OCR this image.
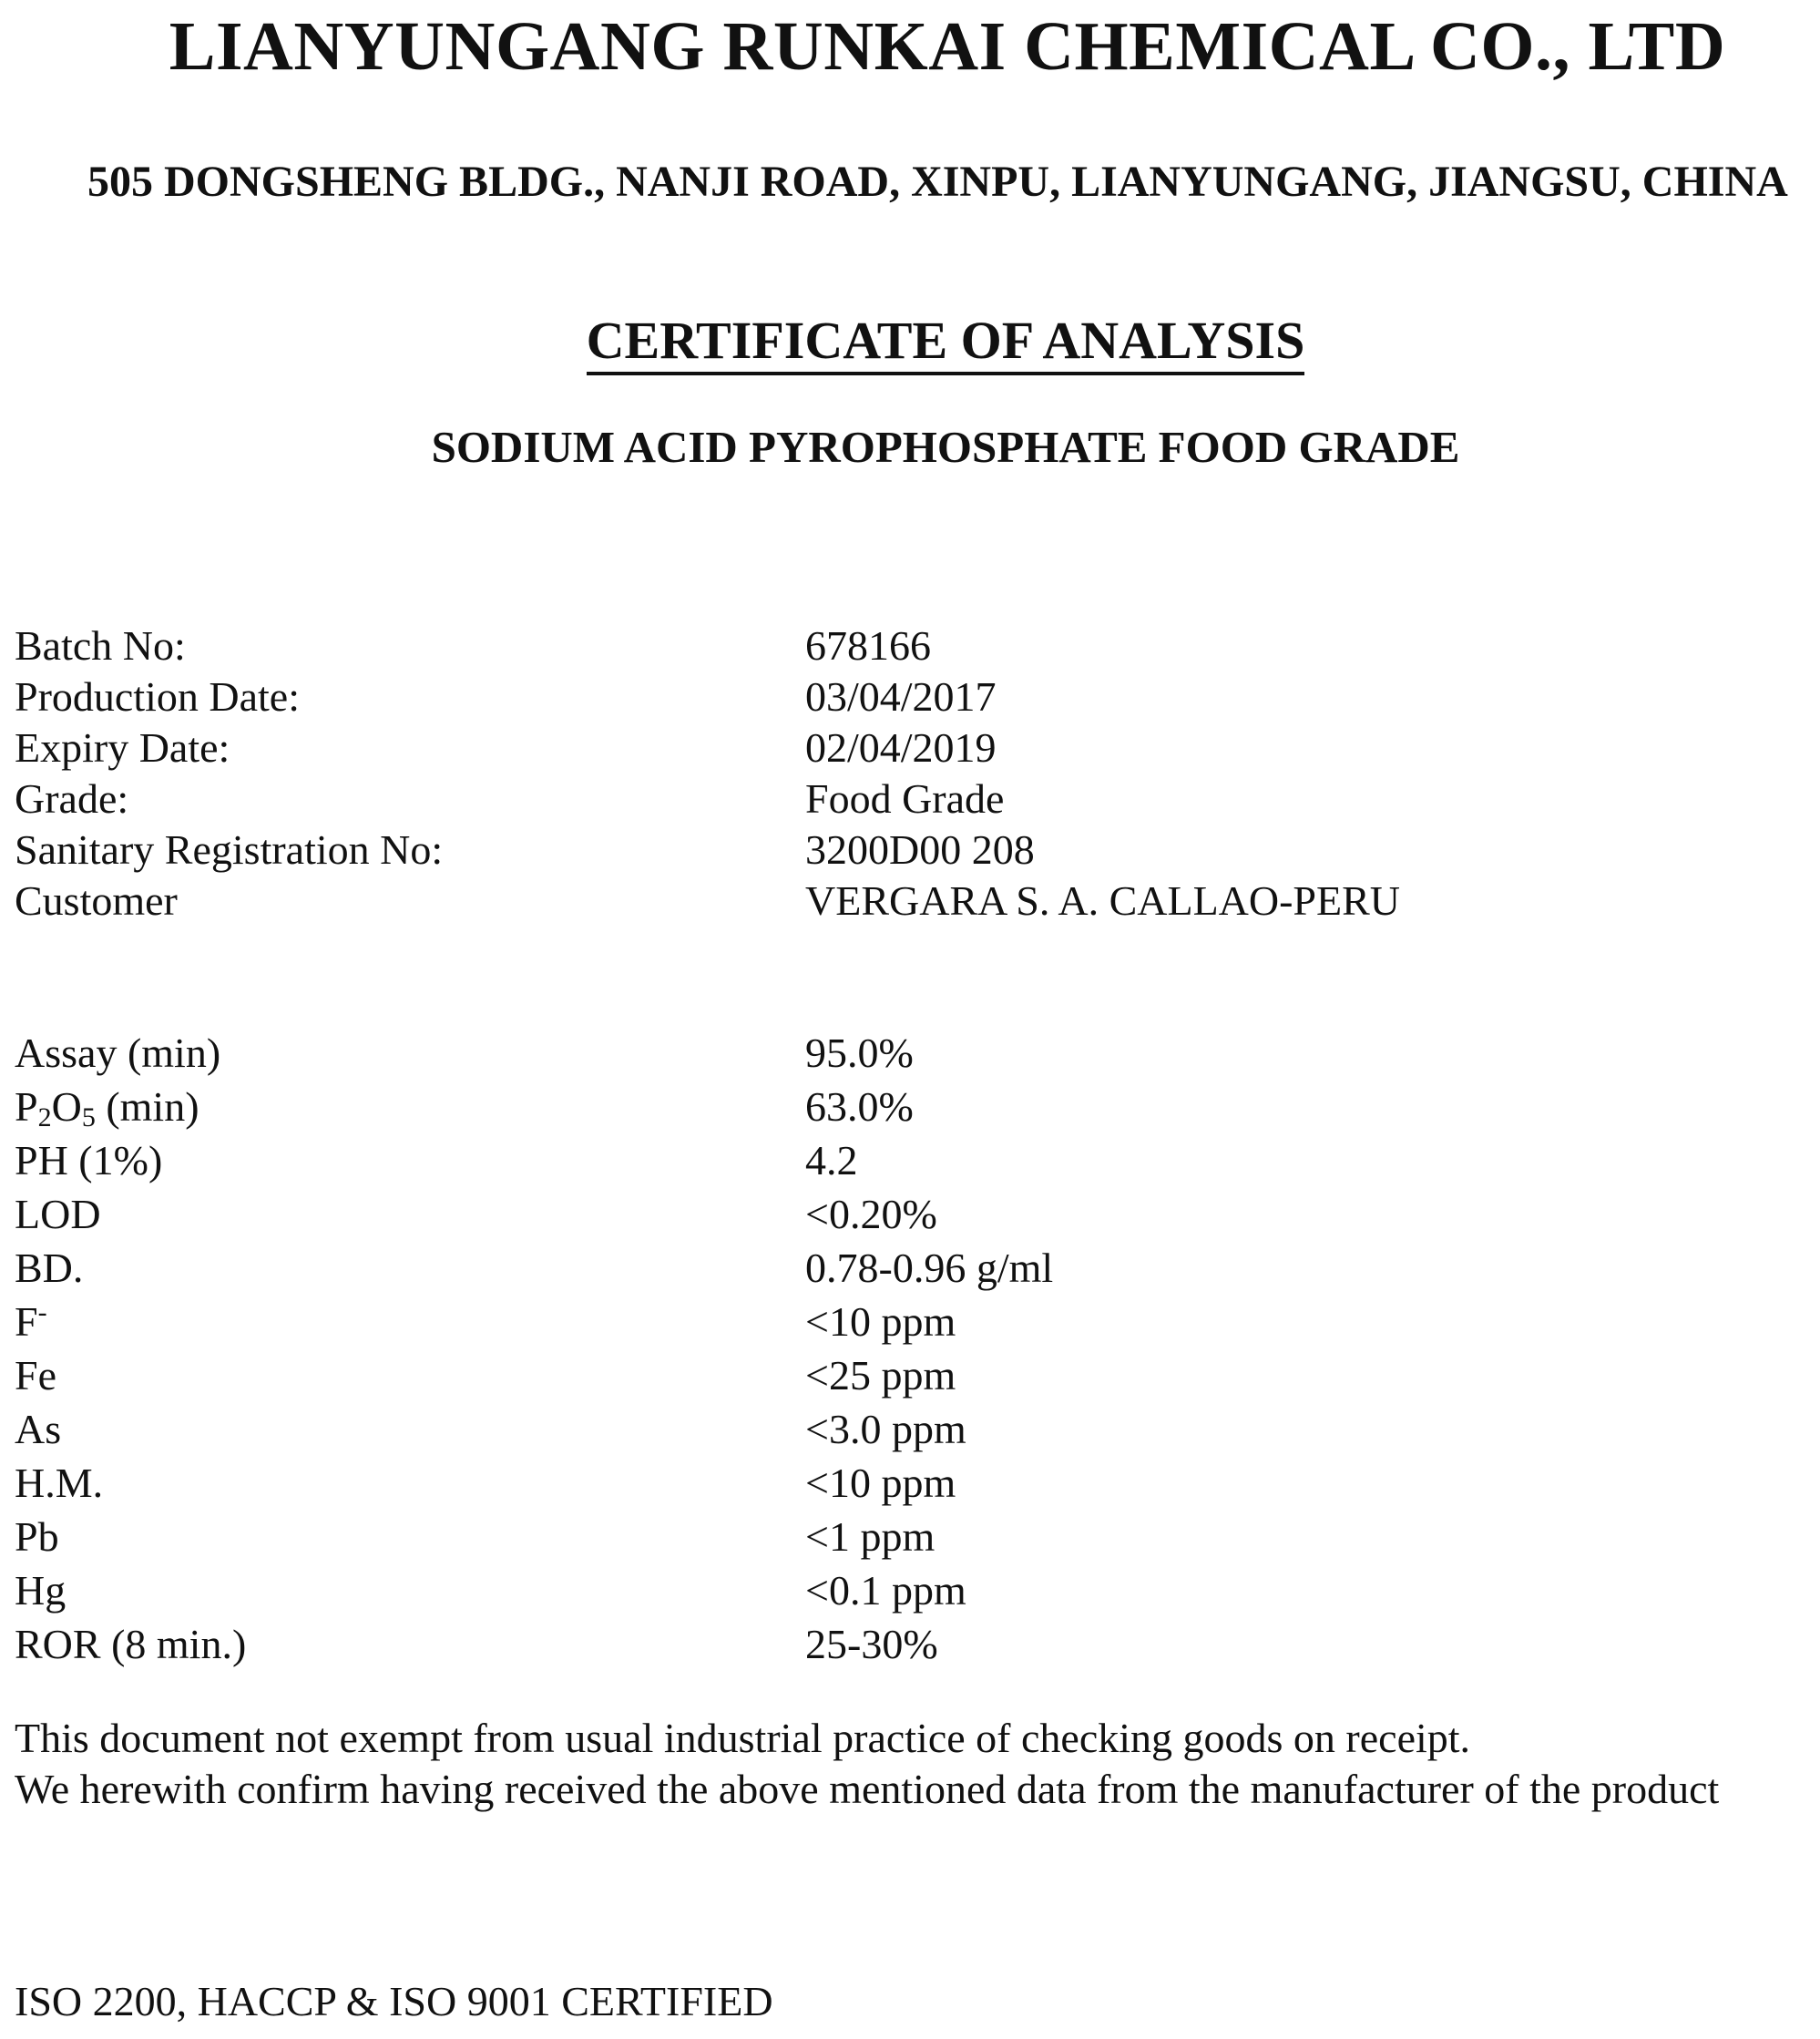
LIANYUNGANG RUNKAI CHEMICAL CO., LTD
505 DONGSHENG BLDG., NANJI ROAD, XINPU, LIANYUNGANG, JIANGSU, CHINA
CERTIFICATE OF ANALYSIS
SODIUM ACID PYROPHOSPHATE FOOD GRADE
Batch No:	678166
Production Date:	03/04/2017
Expiry Date:	02/04/2019
Grade:	Food Grade
Sanitary Registration No:	3200D00 208
Customer	VERGARA S. A. CALLAO-PERU
Assay (min)	95.0%
$P_2O_5$ (min)	63.0%
PH (1%)	4.2
LOD	<0.20%
BD.	0.78-0.96 g/ml
F-	<10 ppm
Fe	<25 ppm
As	<3.0 ppm
H.M.	<10 ppm
Pb	<1 ppm
Hg	<0.1 ppm
ROR (8 min.)	25-30%

This document not exempt from usual industrial practice of checking goods on receipt.

We herewith confirm having received the above mentioned data from the manufacturer of the product

ISO 2200, HACCP & ISO 9001 CERTIFIED
